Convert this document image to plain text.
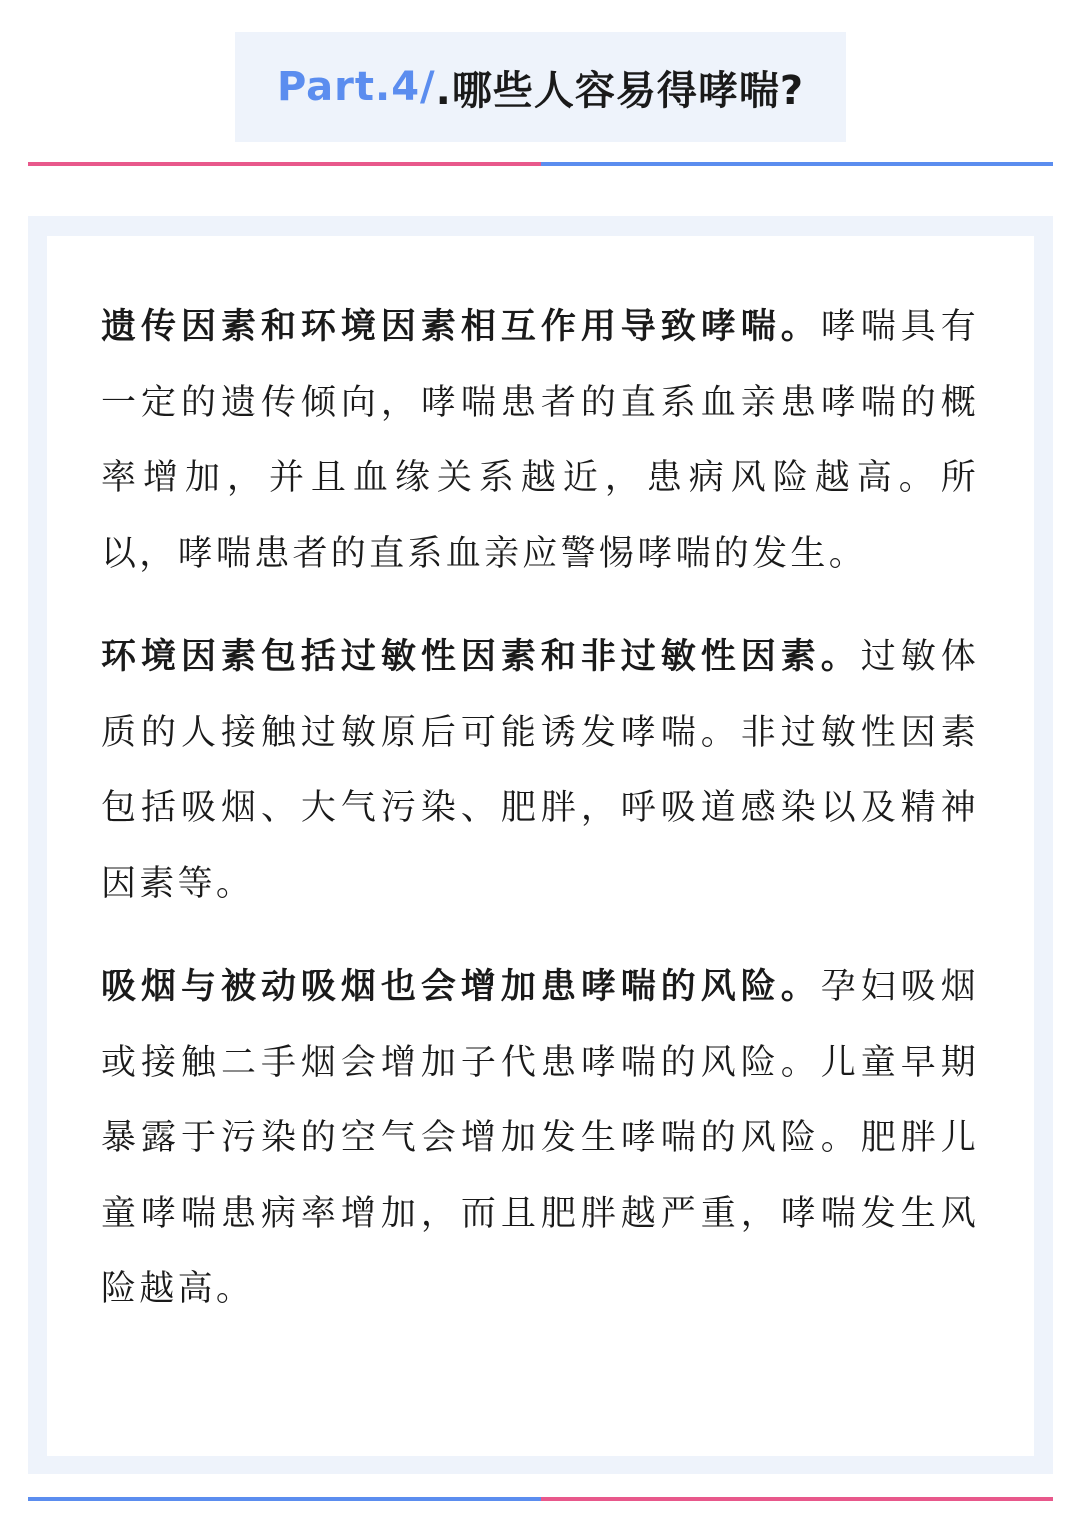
Part.4/ .哪些人容易得哮喘?

遗传因素和环境因素相互作用导致哮喘。哮喘具有一定的遗传倾向，哮喘患者的直系血亲患哮喘的概率增加，并且血缘关系越近，患病风险越高。所以，哮喘患者的直系血亲应警惕哮喘的发生。

环境因素包括过敏性因素和非过敏性因素。过敏体质的人接触过敏原后可能诱发哮喘。非过敏性因素包括吸烟、大气污染、肥胖，呼吸道感染以及精神因素等。

吸烟与被动吸烟也会增加患哮喘的风险。孕妇吸烟或接触二手烟会增加子代患哮喘的风险。儿童早期暴露于污染的空气会增加发生哮喘的风险。肥胖儿童哮喘患病率增加，而且肥胖越严重，哮喘发生风险越高。
